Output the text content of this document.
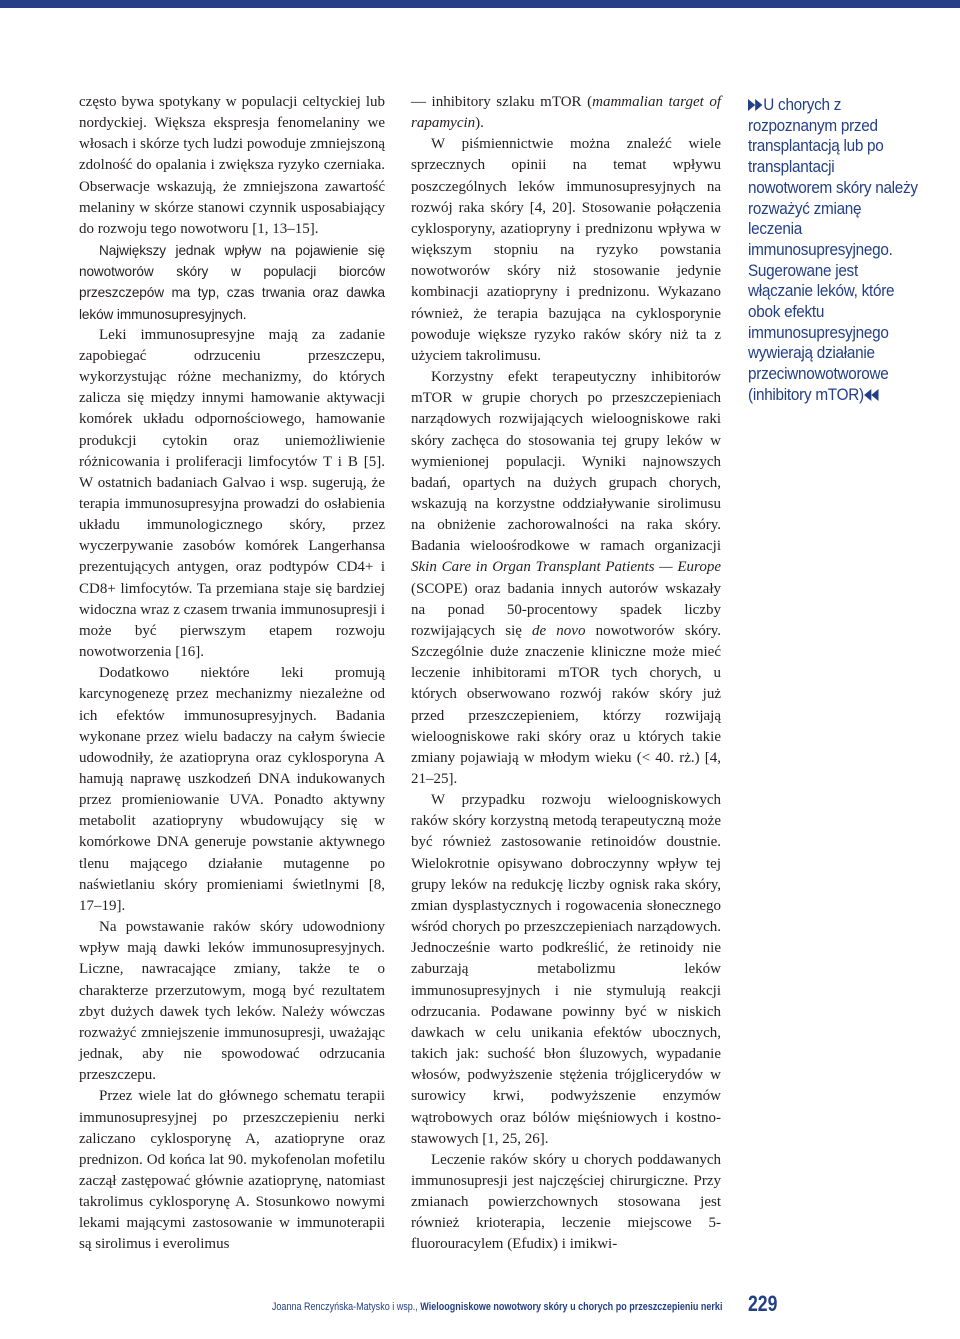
często bywa spotykany w populacji celtyckiej lub nordyckiej. Większa ekspresja fenomelaniny we włosach i skórze tych ludzi powoduje zmniejszoną zdolność do opalania i zwiększa ryzyko czerniaka. Obserwacje wskazują, że zmniejszona zawartość melaniny w skórze stanowi czynnik usposabiający do rozwoju tego nowotworu [1, 13–15].

Największy jednak wpływ na pojawienie się nowotworów skóry w populacji biorców przeszczepów ma typ, czas trwania oraz dawka leków immunosupresyjnych.

Leki immunosupresyjne mają za zadanie zapobiegać odrzuceniu przeszczepu, wykorzystując różne mechanizmy, do których zalicza się między innymi hamowanie aktywacji komórek układu odpornościowego, hamowanie produkcji cytokin oraz uniemożliwienie różnicowania i proliferacji limfocytów T i B [5]. W ostatnich badaniach Galvao i wsp. sugerują, że terapia immunosupresyjna prowadzi do osłabienia układu immunologicznego skóry, przez wyczerpywanie zasobów komórek Langerhansa prezentujących antygen, oraz podtypów CD4+ i CD8+ limfocytów. Ta przemiana staje się bardziej widoczna wraz z czasem trwania immunosupresji i może być pierwszym etapem rozwoju nowotworzenia [16].

Dodatkowo niektóre leki promują karcynogenezę przez mechanizmy niezależne od ich efektów immunosupresyjnych. Badania wykonane przez wielu badaczy na całym świecie udowodniły, że azatiopryna oraz cyklosporyna A hamują naprawę uszkodzeń DNA indukowanych przez promieniowanie UVA. Ponadto aktywny metabolit azatiopryny wbudowujący się w komórkowe DNA generuje powstanie aktywnego tlenu mającego działanie mutagenne po naświetlaniu skóry promieniami świetlnymi [8, 17–19].

Na powstawanie raków skóry udowodniony wpływ mają dawki leków immunosupresyjnych. Liczne, nawracające zmiany, także te o charakterze przerzutowym, mogą być rezultatem zbyt dużych dawek tych leków. Należy wówczas rozważyć zmniejszenie immunosupresji, uważając jednak, aby nie spowodować odrzucania przeszczepu.

Przez wiele lat do głównego schematu terapii immunosupresyjnej po przeszczepieniu nerki zaliczano cyklosporynę A, azatiopryne oraz prednizon. Od końca lat 90. mykofenolan mofetilu zaczął zastępować głównie azatioprynę, natomiast takrolimus cyklosporynę A. Stosunkowo nowymi lekami mającymi zastosowanie w immunoterapii są sirolimus i everolimus

— inhibitory szlaku mTOR (mammalian target of rapamycin).

W piśmiennictwie można znaleźć wiele sprzecznych opinii na temat wpływu poszczególnych leków immunosupresyjnych na rozwój raka skóry [4, 20]. Stosowanie połączenia cyklosporyny, azatiopryny i prednizonu wpływa w większym stopniu na ryzyko powstania nowotworów skóry niż stosowanie jedynie kombinacji azatiopryny i prednizonu. Wykazano również, że terapia bazująca na cyklosporynie powoduje większe ryzyko raków skóry niż ta z użyciem takrolimusu.

Korzystny efekt terapeutyczny inhibitorów mTOR w grupie chorych po przeszczepieniach narządowych rozwijających wieloogniskowe raki skóry zachęca do stosowania tej grupy leków w wymienionej populacji. Wyniki najnowszych badań, opartych na dużych grupach chorych, wskazują na korzystne oddziaływanie sirolimusu na obniżenie zachorowalności na raka skóry. Badania wieloośrodkowe w ramach organizacji Skin Care in Organ Transplant Patients — Europe (SCOPE) oraz badania innych autorów wskazały na ponad 50-procentowy spadek liczby rozwijających się de novo nowotworów skóry. Szczególnie duże znaczenie kliniczne może mieć leczenie inhibitorami mTOR tych chorych, u których obserwowano rozwój raków skóry już przed przeszczepieniem, którzy rozwijają wieloogniskowe raki skóry oraz u których takie zmiany pojawiają w młodym wieku (< 40. rż.) [4, 21–25].

W przypadku rozwoju wieloogniskowych raków skóry korzystną metodą terapeutyczną może być również zastosowanie retinoidów doustnie. Wielokrotnie opisywano dobroczynny wpływ tej grupy leków na redukcję liczby ognisk raka skóry, zmian dysplastycznych i rogowacenia słonecznego wśród chorych po przeszczepieniach narządowych. Jednocześnie warto podkreślić, że retinoidy nie zaburzają metabolizmu leków immunosupresyjnych i nie stymulują reakcji odrzucania. Podawane powinny być w niskich dawkach w celu unikania efektów ubocznych, takich jak: suchość błon śluzowych, wypadanie włosów, podwyższenie stężenia trójglicerydów w surowicy krwi, podwyższenie enzymów wątrobowych oraz bólów mięśniowych i kostno-stawowych [1, 25, 26].

Leczenie raków skóry u chorych poddawanych immunosupresji jest najczęściej chirurgiczne. Przy zmianach powierzchownych stosowana jest również krioterapia, leczenie miejscowe 5-fluorouracylem (Efudix) i imikwi-

U chorych z rozpoznanym przed transplantacją lub po transplantacji nowotworem skóry należy rozważyć zmianę leczenia immunosupresyjnego. Sugerowane jest włączanie leków, które obok efektu immunosupresyjnego wywierają działanie przeciwnowotworowe (inhibitory mTOR)
Joanna Renczyńska-Matysko i wsp., Wieloogniskowe nowotwory skóry u chorych po przeszczepieniu nerki 229
